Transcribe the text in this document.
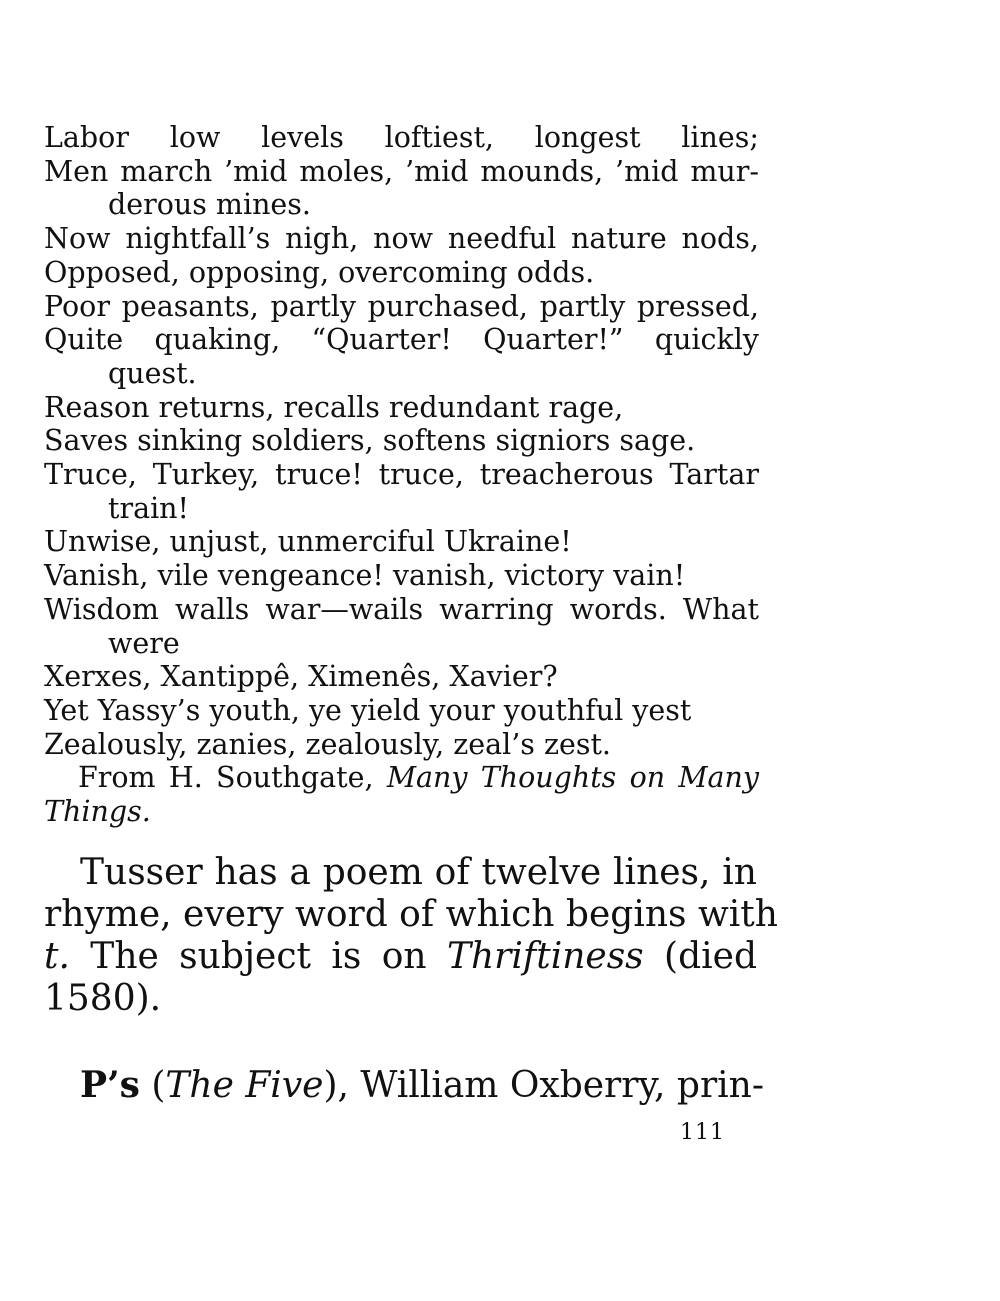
Labor low levels loftiest, longest lines;
Men march ’mid moles, ’mid mounds, ’mid mur-
derous mines.
Now nightfall’s nigh, now needful nature nods,
Opposed, opposing, overcoming odds.
Poor peasants, partly purchased, partly pressed,
Quite quaking, “Quarter! Quarter!” quickly
quest.
Reason returns, recalls redundant rage,
Saves sinking soldiers, softens signiors sage.
Truce, Turkey, truce! truce, treacherous Tartar
train!
Unwise, unjust, unmerciful Ukraine!
Vanish, vile vengeance! vanish, victory vain!
Wisdom walls war—wails warring words. What
were
Xerxes, Xantippê, Ximenês, Xavier?
Yet Yassy’s youth, ye yield your youthful yest
Zealously, zanies, zealously, zeal’s zest.
From H. Southgate, Many Thoughts on Many
Things.
Tusser has a poem of twelve lines, in
rhyme, every word of which begins with
t. The subject is on Thriftiness (died
1580).
P’s (The Five), William Oxberry, prin-
111
